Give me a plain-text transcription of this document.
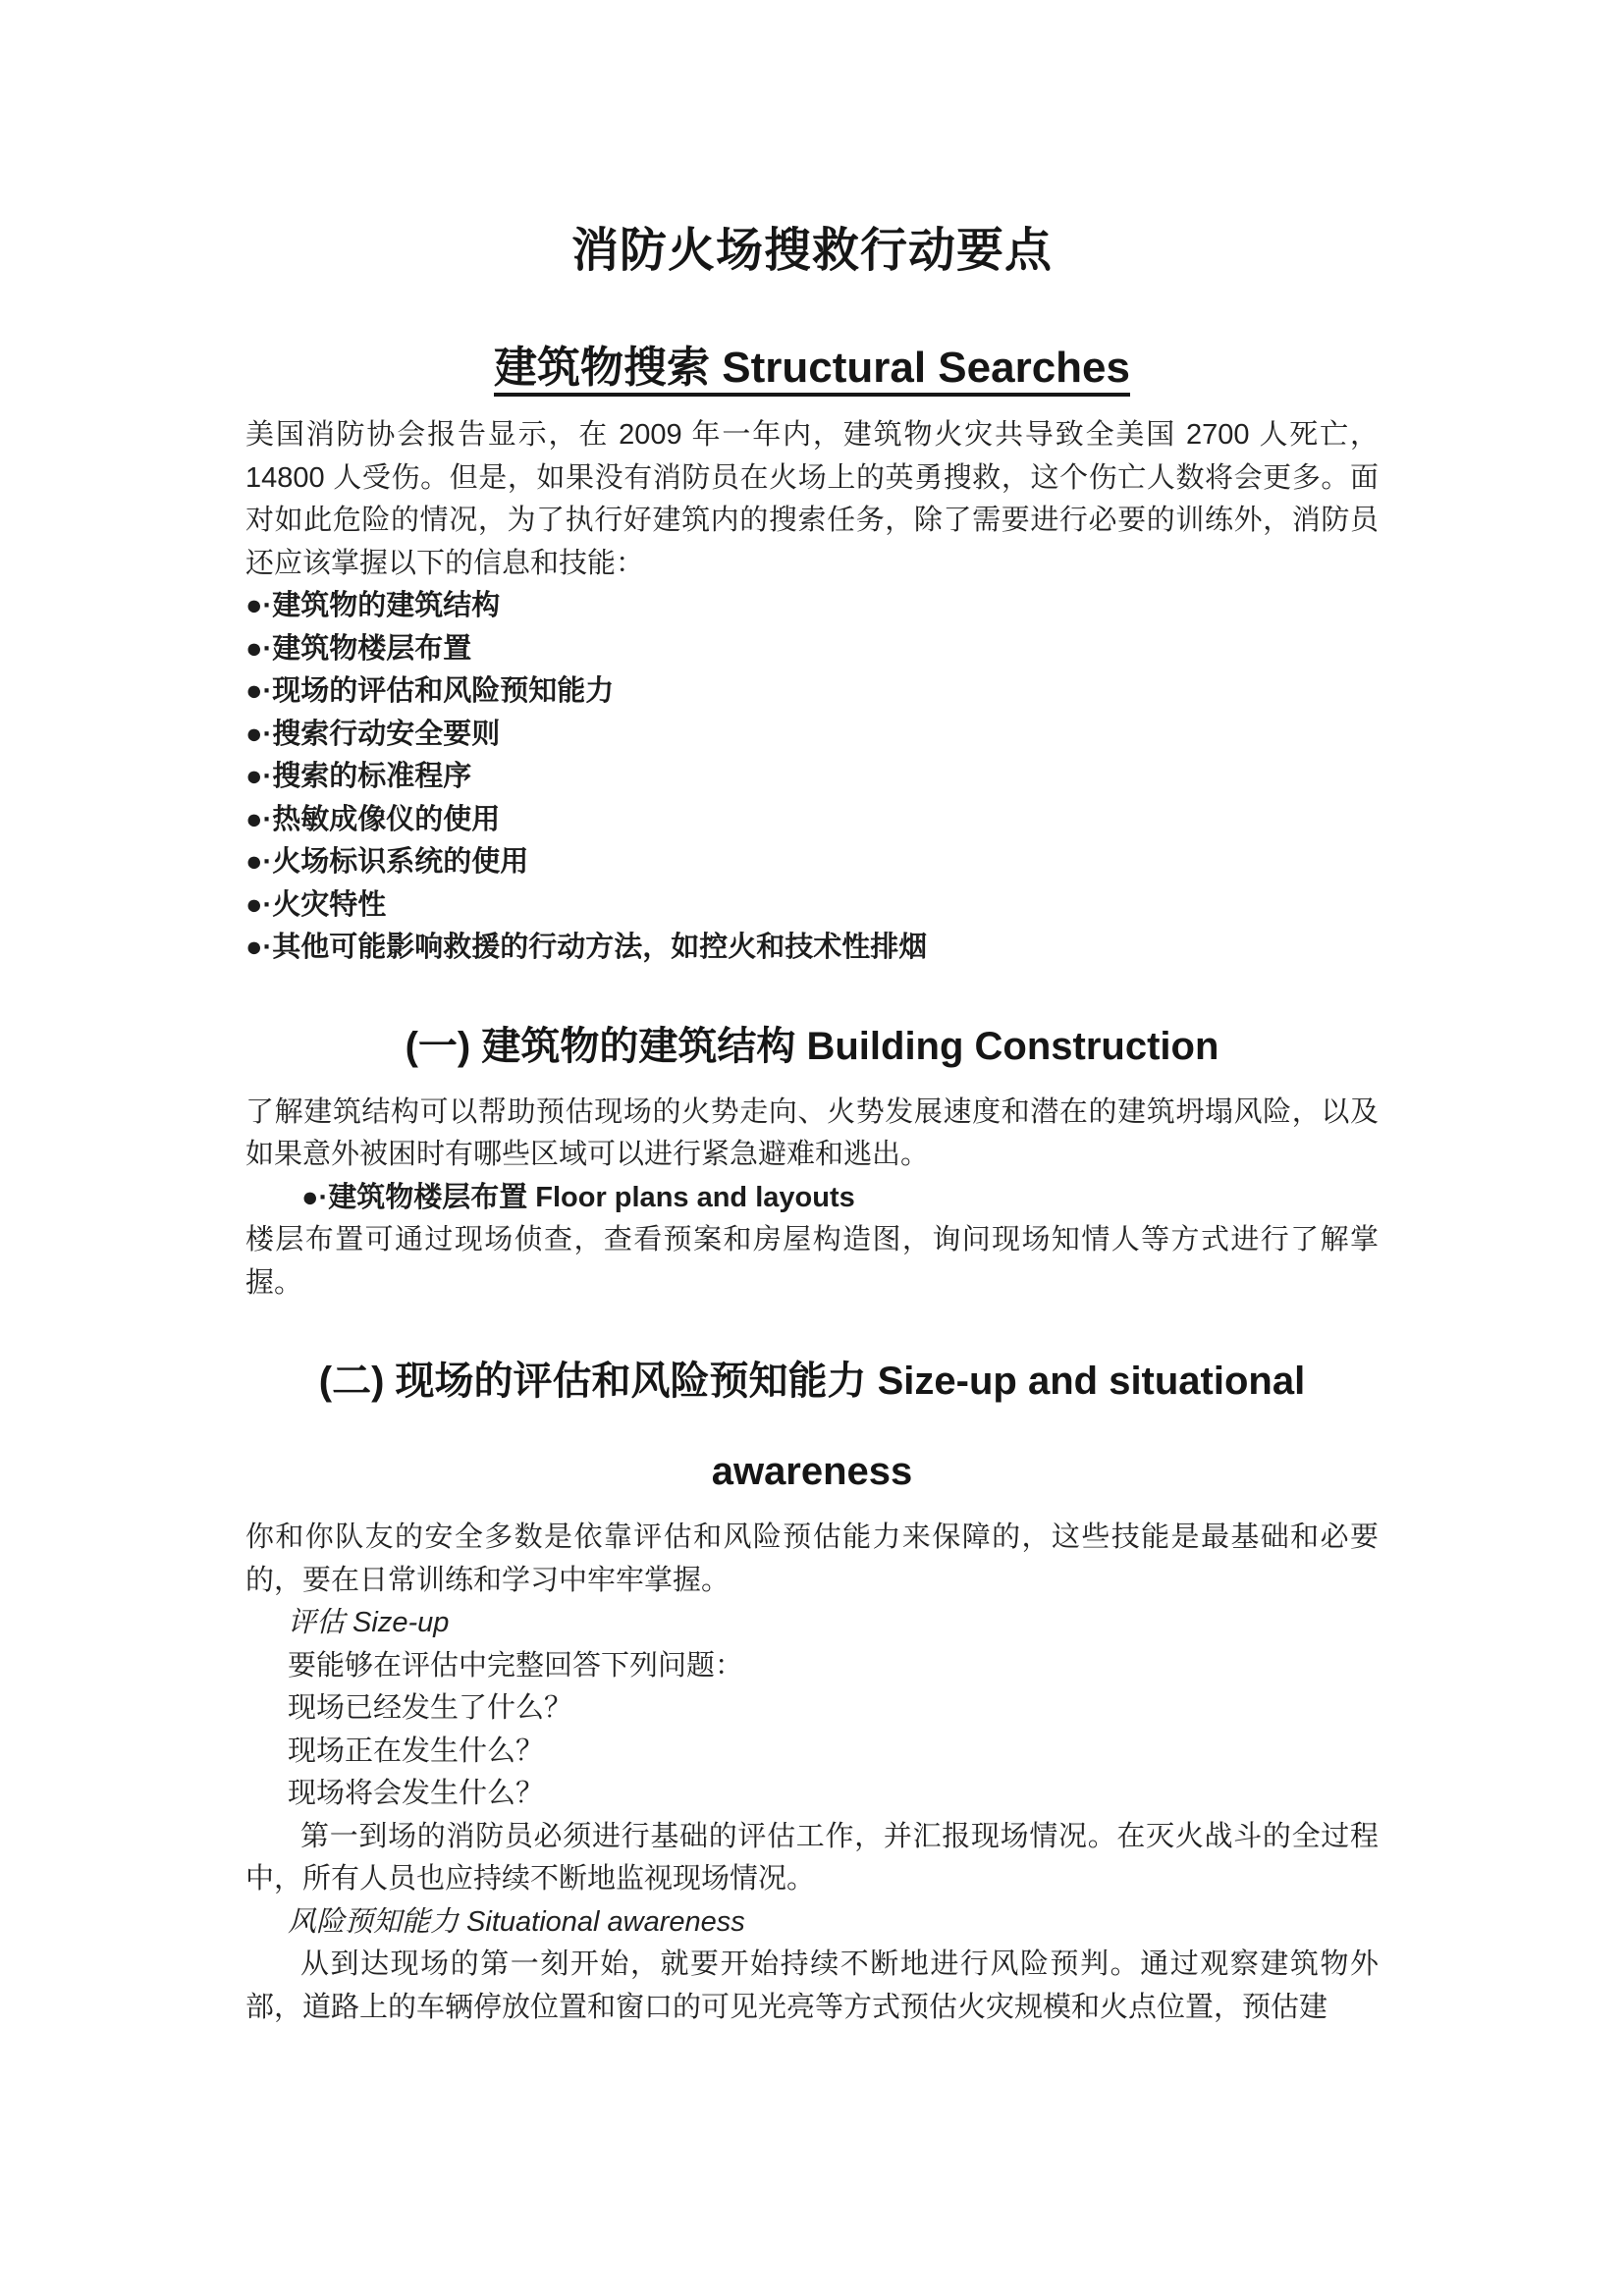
消防火场搜救行动要点
建筑物搜索 Structural Searches

美国消防协会报告显示，在 2009 年一年内，建筑物火灾共导致全美国 2700 人死亡，14800 人受伤。但是，如果没有消防员在火场上的英勇搜救，这个伤亡人数将会更多。面对如此危险的情况，为了执行好建筑内的搜索任务，除了需要进行必要的训练外，消防员还应该掌握以下的信息和技能：

●·建筑物的建筑结构
●·建筑物楼层布置
●·现场的评估和风险预知能力
●·搜索行动安全要则
●·搜索的标准程序
●·热敏成像仪的使用
●·火场标识系统的使用
●·火灾特性
●·其他可能影响救援的行动方法，如控火和技术性排烟
(一) 建筑物的建筑结构 Building Construction

了解建筑结构可以帮助预估现场的火势走向、火势发展速度和潜在的建筑坍塌风险，以及如果意外被困时有哪些区域可以进行紧急避难和逃出。

●·建筑物楼层布置 Floor plans and layouts

楼层布置可通过现场侦查，查看预案和房屋构造图，询问现场知情人等方式进行了解掌握。

(二) 现场的评估和风险预知能力 Size-up and situational awareness

你和你队友的安全多数是依靠评估和风险预估能力来保障的，这些技能是最基础和必要的，要在日常训练和学习中牢牢掌握。

评估 Size-up
要能够在评估中完整回答下列问题：
现场已经发生了什么？
现场正在发生什么？
现场将会发生什么？

第一到场的消防员必须进行基础的评估工作，并汇报现场情况。在灭火战斗的全过程中，所有人员也应持续不断地监视现场情况。

风险预知能力 Situational awareness

从到达现场的第一刻开始，就要开始持续不断地进行风险预判。通过观察建筑物外部，道路上的车辆停放位置和窗口的可见光亮等方式预估火灾规模和火点位置，预估建
